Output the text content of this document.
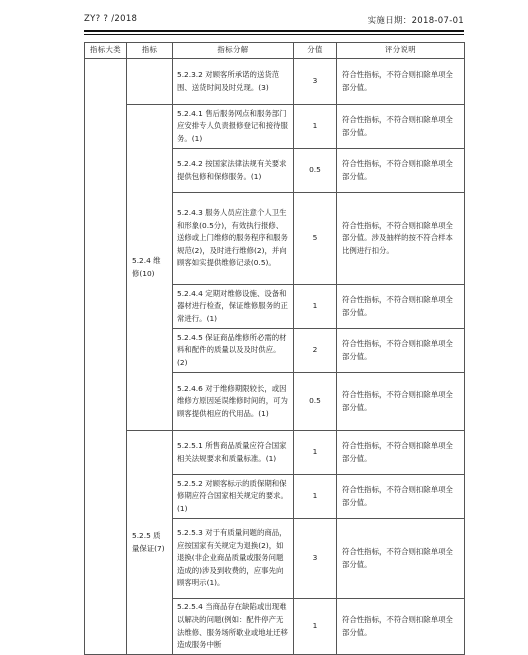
ZY? ? /2018	实施日期：2018-07-01
指标大类	指标	指标分解	分值	评分说明
		5.2.3.2 对顾客所承诺的送货范围、送货时间及时兑现。(3)	3	符合性指标，不符合则扣除单项全部分值。
	5.2.4 维修(10)	5.2.4.1 售后服务网点和服务部门应安排专人负责报修登记和接待服务。(1)	1	符合性指标，不符合则扣除单项全部分值。
		5.2.4.2 按国家法律法规有关要求提供包修和保修服务。(1)	0.5	符合性指标，不符合则扣除单项全部分值。
		5.2.4.3 服务人员应注意个人卫生和形象(0.5分)，有效执行报修、送修或上门维修的服务程序和服务规范(2)，及时进行维修(2)，并向顾客如实提供维修记录(0.5)。	5	符合性指标，不符合则扣除单项全部分值。涉及抽样的按不符合样本比例进行扣分。
		5.2.4.4 定期对维修设施、设备和器材进行检查，保证维修服务的正常进行。(1)	1	符合性指标，不符合则扣除单项全部分值。
		5.2.4.5 保证商品维修所必需的材料和配件的质量以及及时供应。(2)	2	符合性指标，不符合则扣除单项全部分值。
		5.2.4.6 对于维修期限较长，或因维修方原因延误维修时间的，可为顾客提供相应的代用品。(1)	0.5	符合性指标，不符合则扣除单项全部分值。
	5.2.5 质量保证(7)	5.2.5.1 所售商品质量应符合国家相关法规要求和质量标准。(1)	1	符合性指标，不符合则扣除单项全部分值。
		5.2.5.2 对顾客标示的质保期和保修期应符合国家相关规定的要求。(1)	1	符合性指标，不符合则扣除单项全部分值。
		5.2.5.3 对于有质量问题的商品，应按国家有关规定为退换(2)，如退换(非企业商品质量或服务问题造成的)涉及到收费的，应事先向顾客明示(1)。	3	符合性指标，不符合则扣除单项全部分值。
		5.2.5.4 当商品存在缺陷或出现难以解决的问题(例如：配件停产无法维修、服务场所歇业或地址迁移造成服务中断	1	符合性指标，不符合则扣除单项全部分值。
